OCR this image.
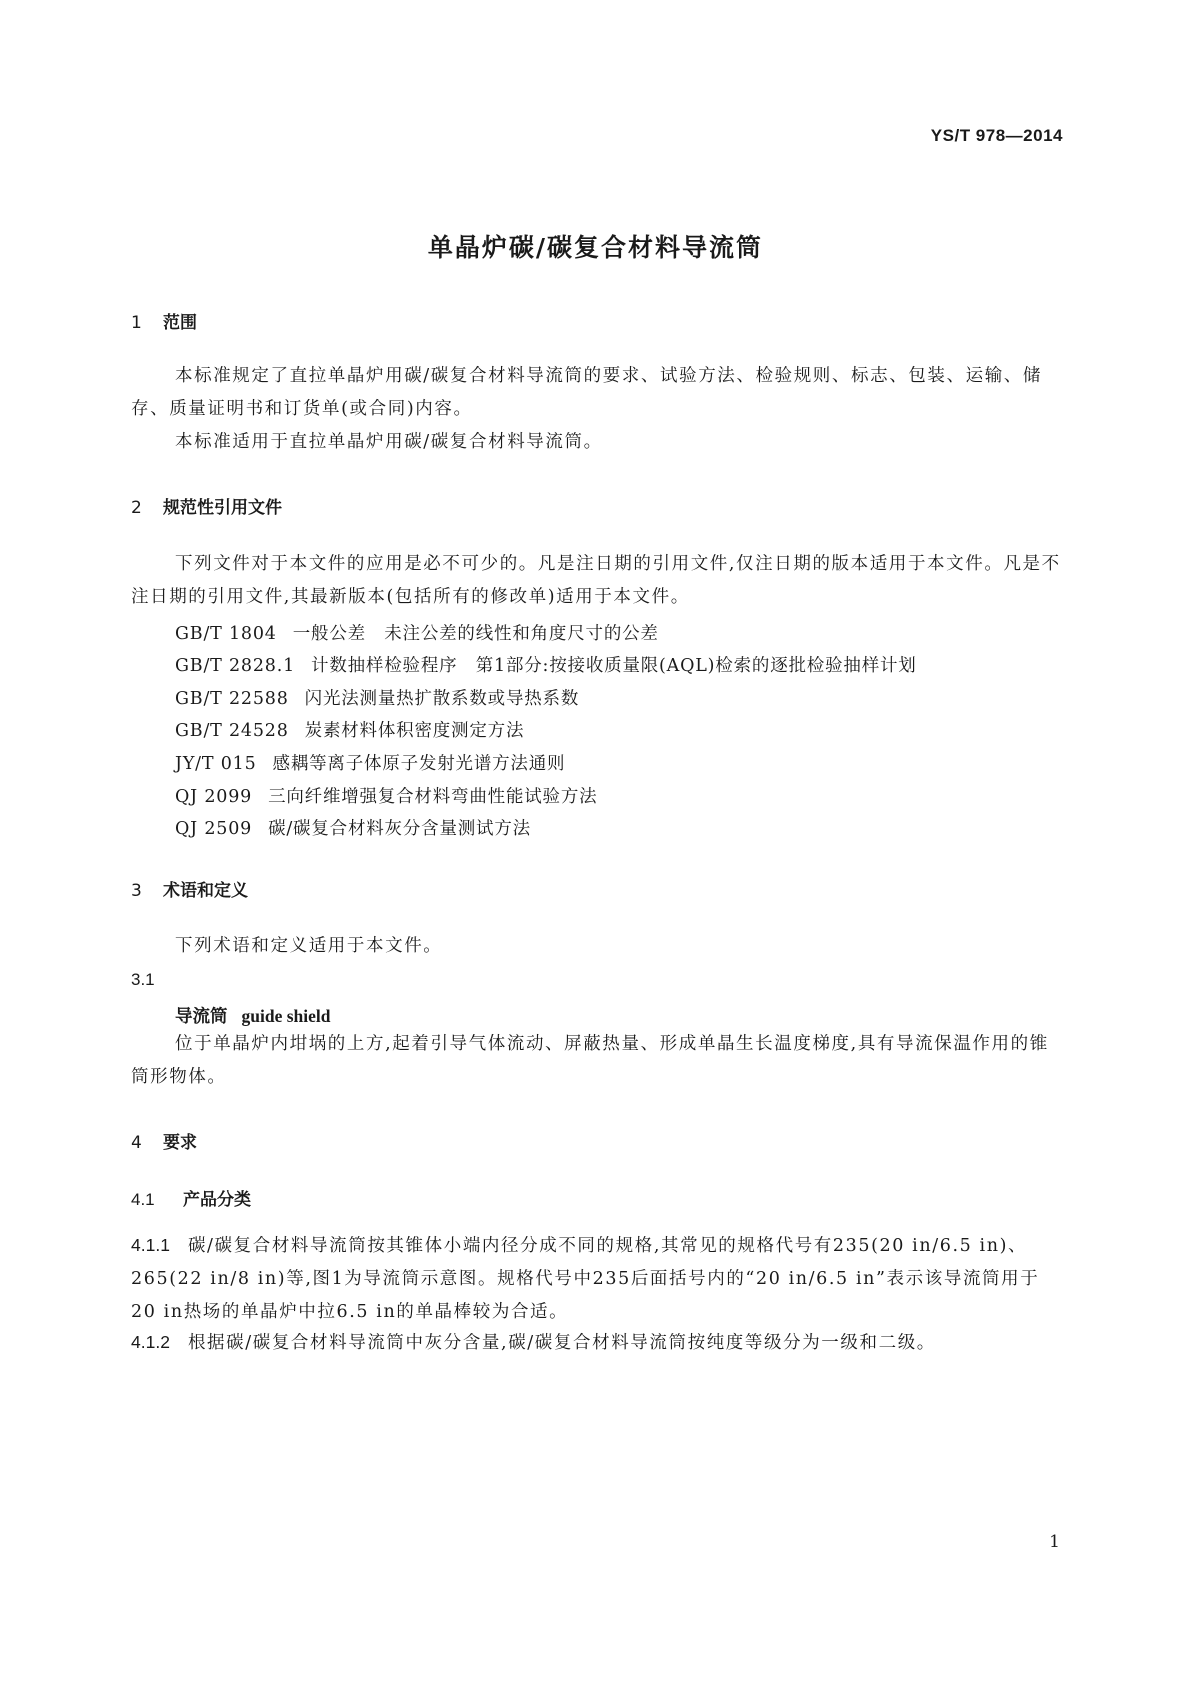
YS/T 978—2014
单晶炉碳/碳复合材料导流筒
1 范围
本标准规定了直拉单晶炉用碳/碳复合材料导流筒的要求、试验方法、检验规则、标志、包装、运输、储存、质量证明书和订货单(或合同)内容。
本标准适用于直拉单晶炉用碳/碳复合材料导流筒。
2 规范性引用文件
下列文件对于本文件的应用是必不可少的。凡是注日期的引用文件,仅注日期的版本适用于本文件。凡是不注日期的引用文件,其最新版本(包括所有的修改单)适用于本文件。
GB/T 1804 一般公差　未注公差的线性和角度尺寸的公差
GB/T 2828.1 计数抽样检验程序　第1部分:按接收质量限(AQL)检索的逐批检验抽样计划
GB/T 22588 闪光法测量热扩散系数或导热系数
GB/T 24528 炭素材料体积密度测定方法
JY/T 015 感耦等离子体原子发射光谱方法通则
QJ 2099 三向纤维增强复合材料弯曲性能试验方法
QJ 2509 碳/碳复合材料灰分含量测试方法
3 术语和定义
下列术语和定义适用于本文件。
3.1
导流筒 guide shield
位于单晶炉内坩埚的上方,起着引导气体流动、屏蔽热量、形成单晶生长温度梯度,具有导流保温作用的锥筒形物体。
4 要求
4.1 产品分类
4.1.1 碳/碳复合材料导流筒按其锥体小端内径分成不同的规格,其常见的规格代号有235(20 in/6.5 in)、265(22 in/8 in)等,图1为导流筒示意图。规格代号中235后面括号内的“20 in/6.5 in”表示该导流筒用于20 in热场的单晶炉中拉6.5 in的单晶棒较为合适。
4.1.2 根据碳/碳复合材料导流筒中灰分含量,碳/碳复合材料导流筒按纯度等级分为一级和二级。
1
